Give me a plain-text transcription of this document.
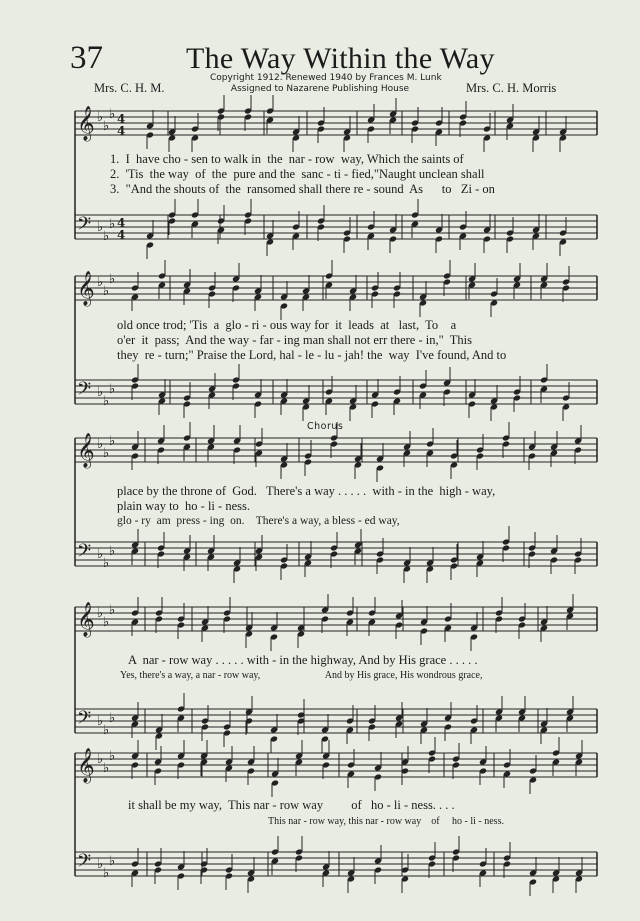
37	The Way Within the Way
Mrs. C. H. M.	Mrs. C. H. Morris
Copyright 1912. Renewed 1940 by Frances M. Lunk
Assigned to Nazarene Publishing House
𝄞 ♭
♭
♭ 4
4
𝄢 ♭
♭
♭ 4
4
𝄞 ♭
♭
♭
𝄢 ♭
♭
♭
𝄞 ♭
♭
♭
𝄢 ♭
♭
♭
𝄞 ♭
♭
♭
𝄢 ♭
♭
♭
𝄞 ♭
♭
♭
𝄢 ♭
♭
♭
Chorus
1.  I  have cho - sen to walk in  the  nar - row  way, Which the saints of
2.  'Tis  the way  of  the  pure and the  sanc - ti - fied,"Naught unclean shall
3.  "And the shouts of  the  ransomed shall there re - sound  As      to   Zi - on
old once trod; 'Tis  a  glo - ri - ous way for  it  leads  at   last,  To    a
o'er  it  pass;  And the way - far - ing man shall not err there - in,"  This
they  re - turn;" Praise the Lord, hal - le - lu - jah! the  way  I've found, And to
place by the throne of  God.   There's a way . . . . .  with - in the  high - way,
plain way to  ho - li - ness.
glo - ry  am  press - ing  on.    There's a way, a bless - ed way,
A  nar - row way . . . . . with - in the highway, And by His grace . . . . .
Yes, there's a way, a nar - row way,                          And by His grace, His wondrous grace,
it shall be my way,  This nar - row way         of   ho - li - ness. . . .
This nar - row way, this nar - row way    of     ho - li - ness.
